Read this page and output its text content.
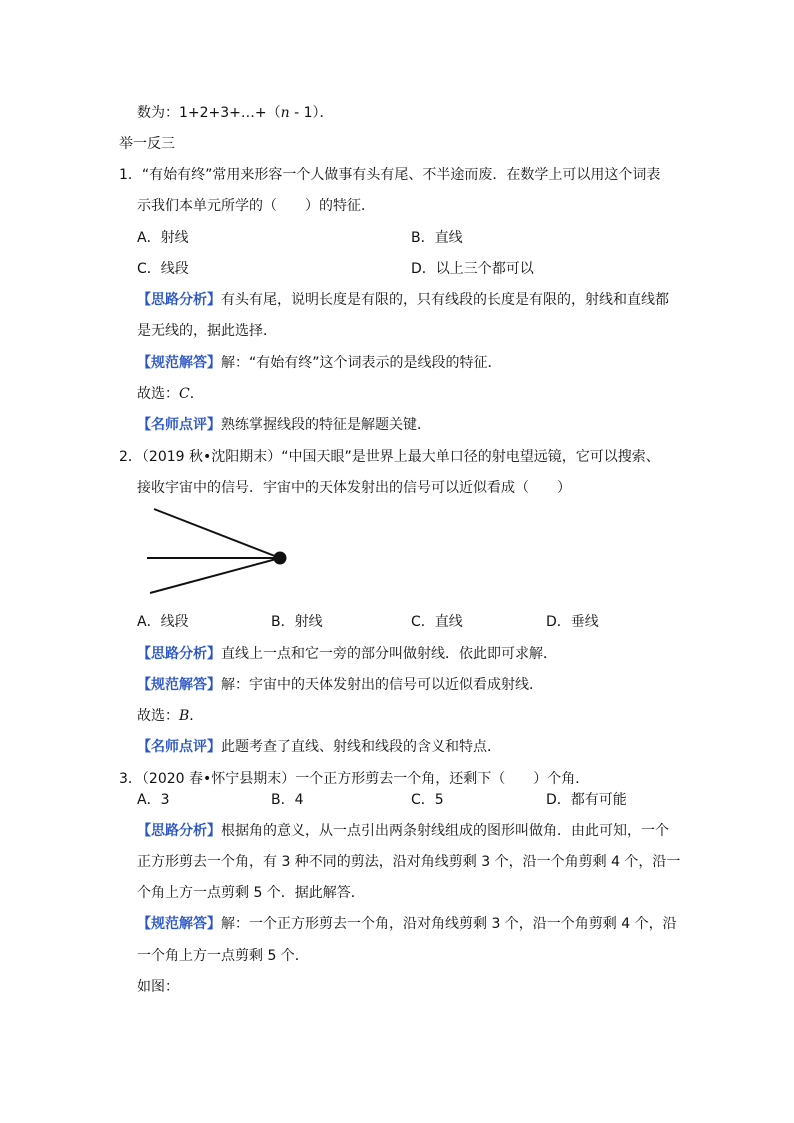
数为：1+2+3+…+（n - 1）．
举一反三
1．“有始有终”常用来形容一个人做事有头有尾、不半途而废．在数学上可以用这个词表
示我们本单元所学的（　　）的特征．
A．射线	B．直线
C．线段	D．以上三个都可以
【思路分析】有头有尾，说明长度是有限的，只有线段的长度是有限的，射线和直线都
是无线的，据此选择．
【规范解答】解：“有始有终”这个词表示的是线段的特征．
故选：C．
【名师点评】熟练掌握线段的特征是解题关键．
2．（2019 秋•沈阳期末）“中国天眼”是世界上最大单口径的射电望远镜，它可以搜索、
接收宇宙中的信号．宇宙中的天体发射出的信号可以近似看成（　　）
A．线段	B．射线	C．直线	D．垂线
【思路分析】直线上一点和它一旁的部分叫做射线．依此即可求解．
【规范解答】解：宇宙中的天体发射出的信号可以近似看成射线．
故选：B．
【名师点评】此题考查了直线、射线和线段的含义和特点．
3．（2020 春•怀宁县期末）一个正方形剪去一个角，还剩下（　　）个角．
A．3	B．4	C．5	D．都有可能
【思路分析】根据角的意义，从一点引出两条射线组成的图形叫做角．由此可知，一个
正方形剪去一个角，有 3 种不同的剪法，沿对角线剪剩 3 个，沿一个角剪剩 4 个，沿一
个角上方一点剪剩 5 个．据此解答．
【规范解答】解：一个正方形剪去一个角，沿对角线剪剩 3 个，沿一个角剪剩 4 个，沿
一个角上方一点剪剩 5 个．
如图：
